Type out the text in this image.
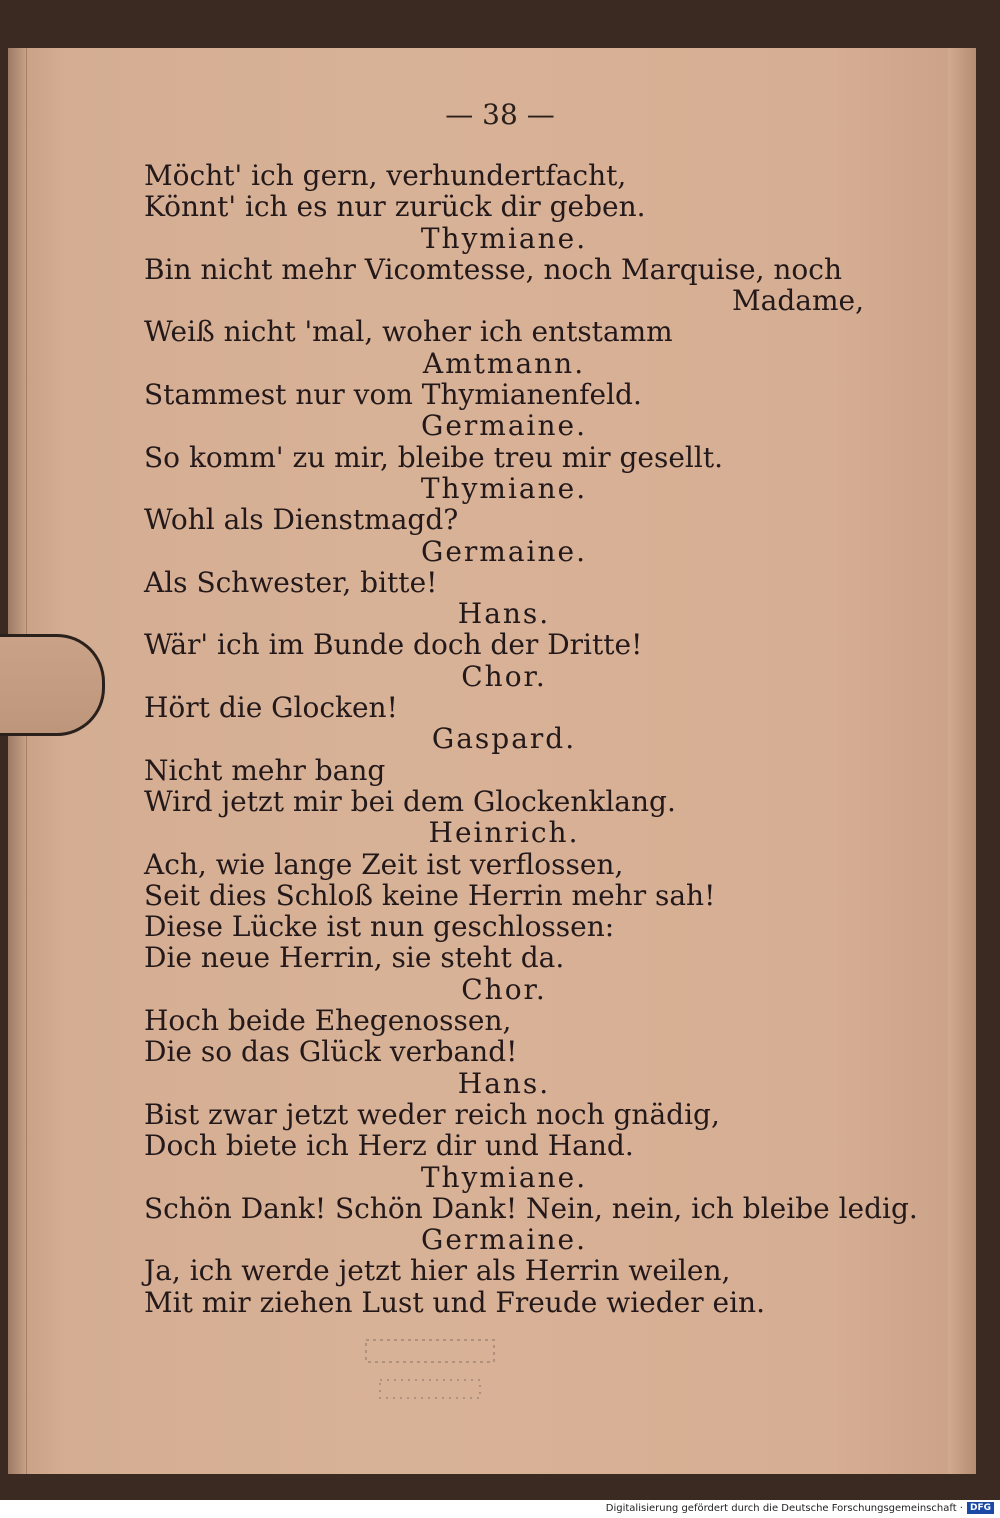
— 38 —
Möcht' ich gern, verhundertfacht,
Könnt' ich es nur zurück dir geben.
Thymiane.
Bin nicht mehr Vicomtesse, noch Marquise, noch
Madame,
Weiß nicht 'mal, woher ich entstamm
Amtmann.
Stammest nur vom Thymianenfeld.
Germaine.
So komm' zu mir, bleibe treu mir gesellt.
Thymiane.
Wohl als Dienstmagd?
Germaine.
Als Schwester, bitte!
Hans.
Wär' ich im Bunde doch der Dritte!
Chor.
Hört die Glocken!
Gaspard.
Nicht mehr bang
Wird jetzt mir bei dem Glockenklang.
Heinrich.
Ach, wie lange Zeit ist verflossen,
Seit dies Schloß keine Herrin mehr sah!
Diese Lücke ist nun geschlossen:
Die neue Herrin, sie steht da.
Chor.
Hoch beide Ehegenossen,
Die so das Glück verband!
Hans.
Bist zwar jetzt weder reich noch gnädig,
Doch biete ich Herz dir und Hand.
Thymiane.
Schön Dank! Schön Dank! Nein, nein, ich bleibe ledig.
Germaine.
Ja, ich werde jetzt hier als Herrin weilen,
Mit mir ziehen Lust und Freude wieder ein.
Digitalisierung gefördert durch die Deutsche Forschungsgemeinschaft · DFG
